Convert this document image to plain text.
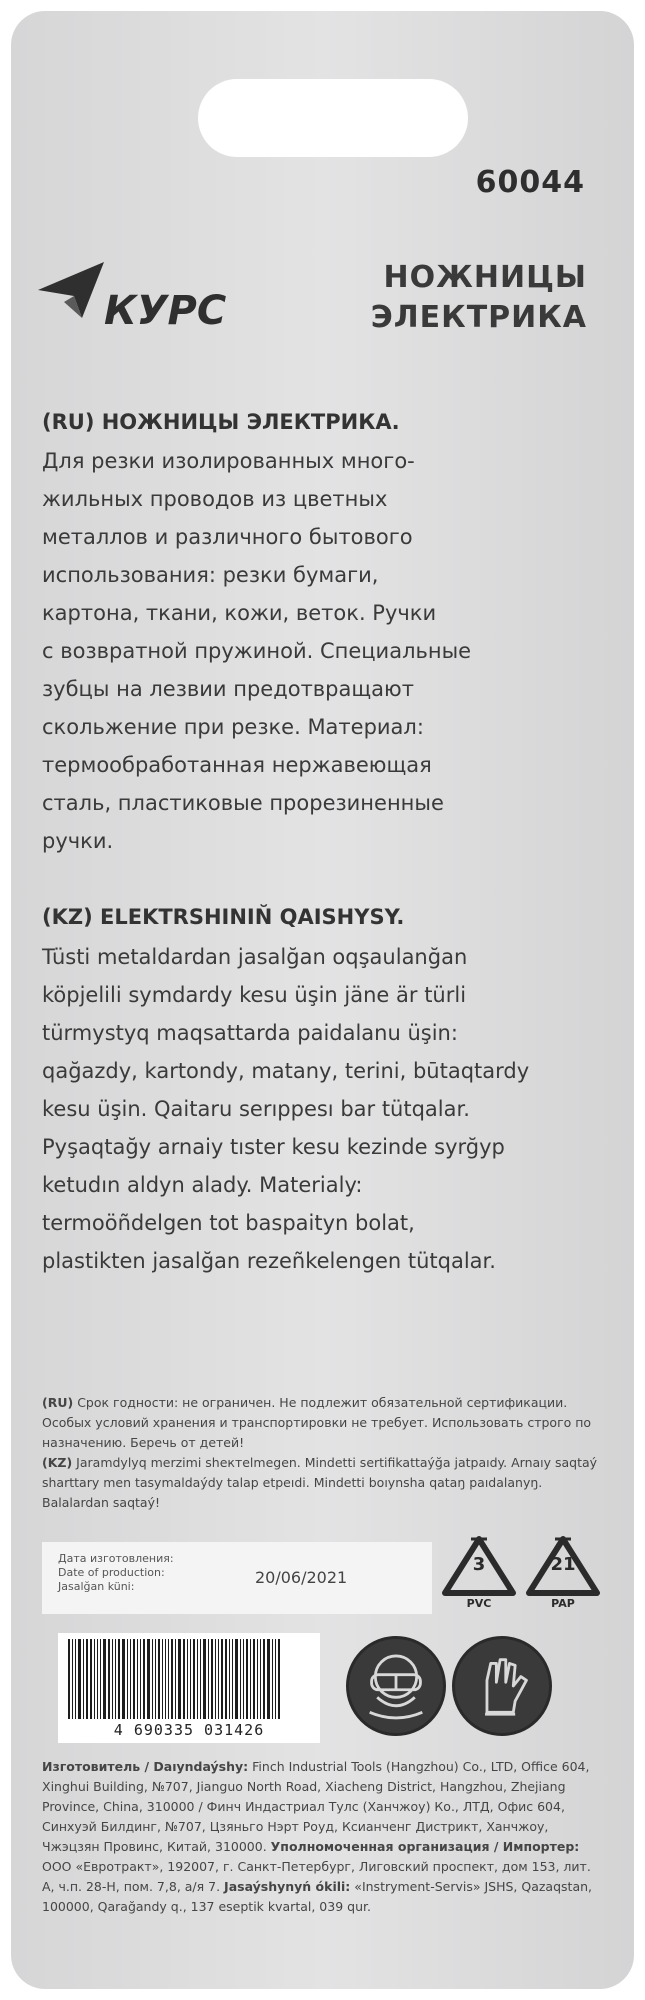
60044
КУРС
НОЖНИЦЫ
ЭЛЕКТРИКА
(RU) НОЖНИЦЫ ЭЛЕКТРИКА.
Для резки изолированных много-
жильных проводов из цветных
металлов и различного бытового
использования: резки бумаги,
картона, ткани, кожи, веток. Ручки
с возвратной пружиной. Специальные
зубцы на лезвии предотвращают
скольжение при резке. Материал:
термообработанная нержавеющая
сталь, пластиковые прорезиненные
ручки.
(KZ) ELEKTRSHININ̆ QAISHYSY.
Tüsti metaldardan jasalğan oqşaulanğan
köpjelili symdardy kesu üşin jäne är türli
türmystyq maqsattarda paidalanu üşin:
qağazdy, kartondy, matany, terini, būtaqtardy
kesu üşin. Qaitaru serıppesı bar tütqalar.
Pyşaqtağy arnaiy tıster kesu kezinde syrğyp
ketudın aldyn alady. Materialy:
termoöñdelgen tot baspaityn bolat,
plastikten jasalğan rezeñkelengen tütqalar.
(RU) Срок годности: не ограничен. Не подлежит обязательной сертификации. Особых условий хранения и транспортировки не требует. Использовать строго по назначению. Беречь от детей!
(KZ) Jaramdylyq merzimi sheктelmegen. Mindetti sertifikattaýğa jatpaıdy. Arnaıy saqtaý sharttary men tasymaldaýdy talap etpeıdi. Mindetti boıynsha qataŋ paıdalanyŋ. Balalardan saqtaý!
Дата изготовления:
Date of production:
Jasalğan küni:	20/06/2021
3
PVC
21
PAP
4 690335 031426
Изготовитель / Daıyndaýshy: Finch Industrial Tools (Hangzhou) Co., LTD, Office 604, Xinghui Building, №707, Jianguo North Road, Xiacheng District, Hangzhou, Zhejiang Province, China, 310000 / Финч Индастриал Тулс (Ханчжоу) Ко., ЛТД, Офис 604, Синхуэй Билдинг, №707, Цзяньго Нэрт Роуд, Ксианченг Дистрикт, Ханчжоу, Чжэцзян Провинс, Китай, 310000. Уполномоченная организация / Импортер: ООО «Евротракт», 192007, г. Санкт-Петербург, Лиговский проспект, дом 153, лит. А, ч.п. 28-Н, пом. 7,8, а/я 7. Jasaýshynyń ókili: «Instryment-Servis» JSHS, Qazaqstan, 100000, Qarağandy q., 137 eseptik kvartal, 039 qur.
